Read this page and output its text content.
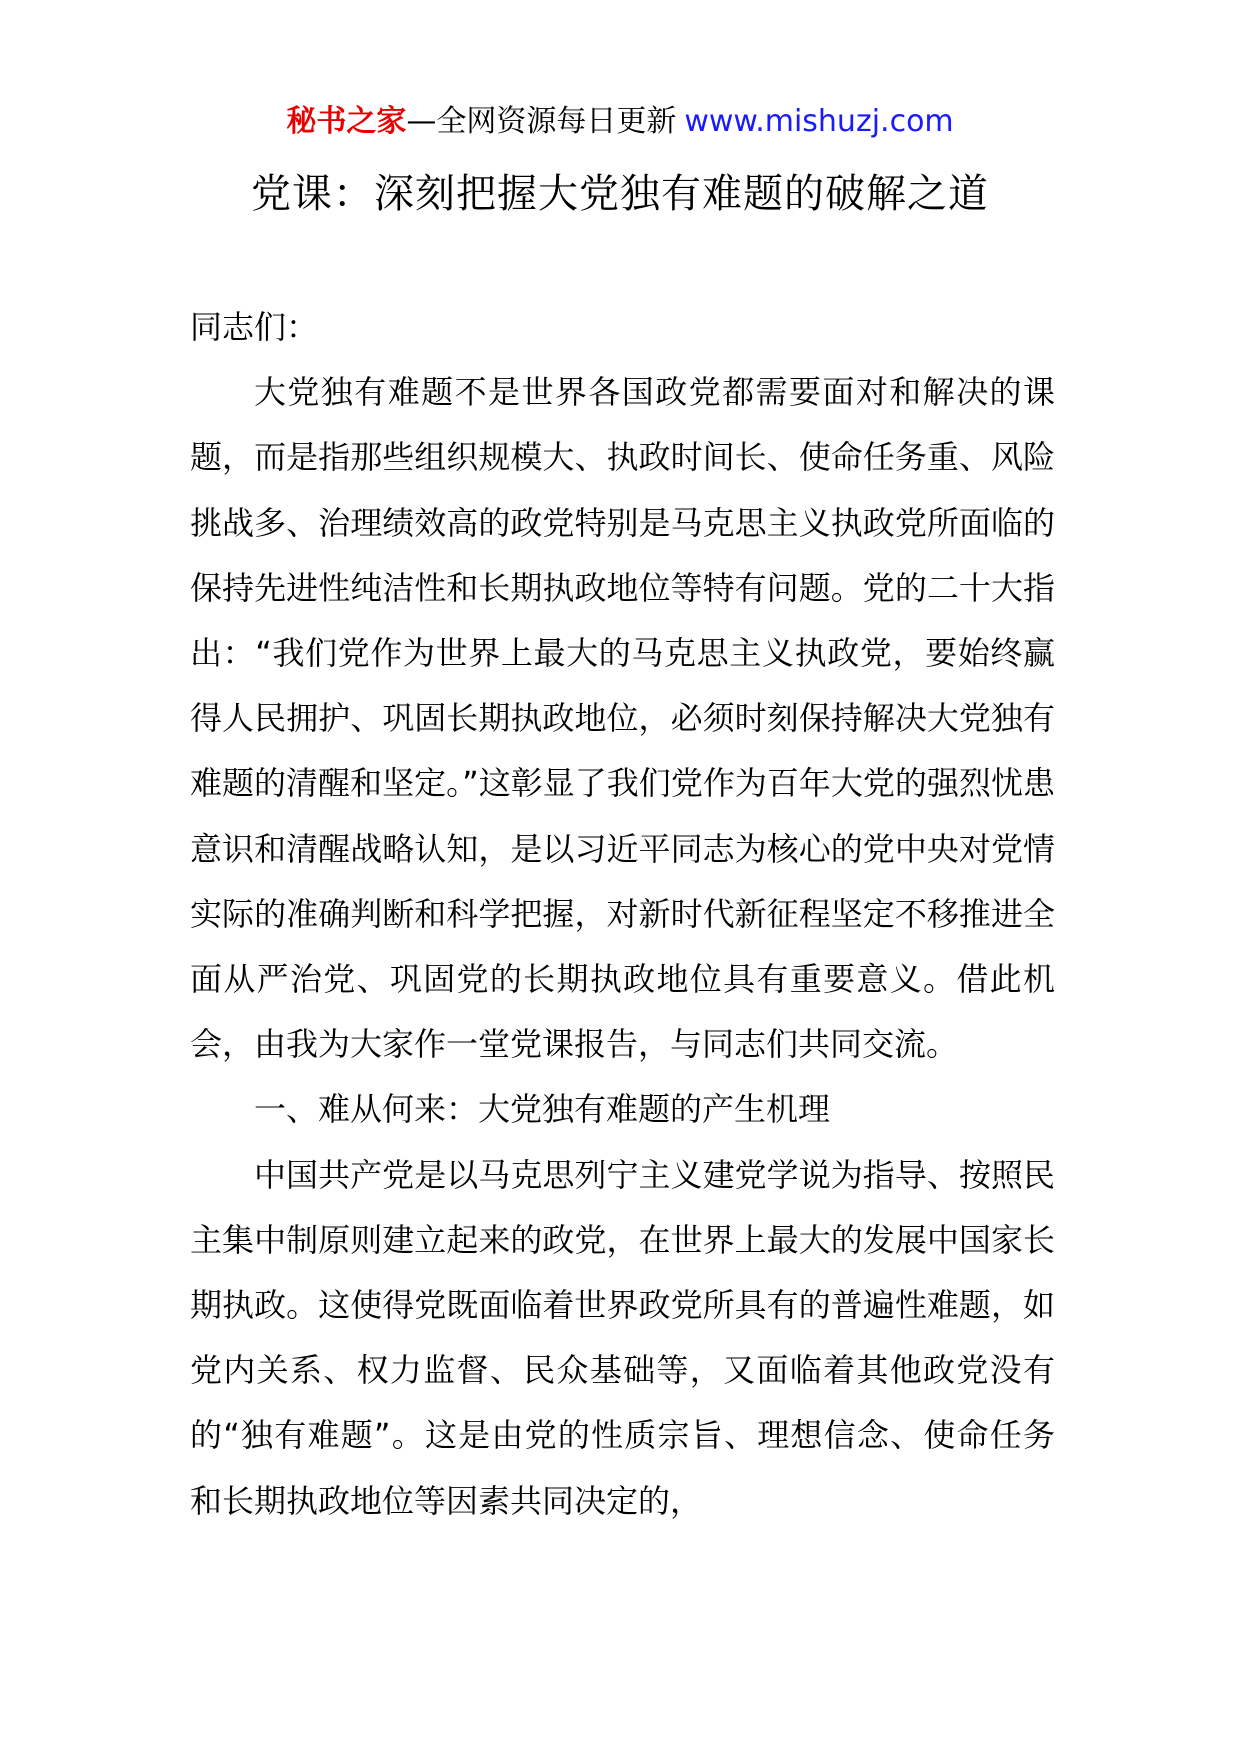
秘书之家—全网资源每日更新 www.mishuzj.com
党课：深刻把握大党独有难题的破解之道

同志们：

大党独有难题不是世界各国政党都需要面对和解决的课题，而是指那些组织规模大、执政时间长、使命任务重、风险挑战多、治理绩效高的政党特别是马克思主义执政党所面临的保持先进性纯洁性和长期执政地位等特有问题。党的二十大指出：“我们党作为世界上最大的马克思主义执政党，要始终赢得人民拥护、巩固长期执政地位，必须时刻保持解决大党独有难题的清醒和坚定。”这彰显了我们党作为百年大党的强烈忧患意识和清醒战略认知，是以习近平同志为核心的党中央对党情实际的准确判断和科学把握，对新时代新征程坚定不移推进全面从严治党、巩固党的长期执政地位具有重要意义。借此机会，由我为大家作一堂党课报告，与同志们共同交流。

一、难从何来：大党独有难题的产生机理

中国共产党是以马克思列宁主义建党学说为指导、按照民主集中制原则建立起来的政党，在世界上最大的发展中国家长期执政。这使得党既面临着世界政党所具有的普遍性难题，如党内关系、权力监督、民众基础等，又面临着其他政党没有的“独有难题”。这是由党的性质宗旨、理想信念、使命任务和长期执政地位等因素共同决定的，
